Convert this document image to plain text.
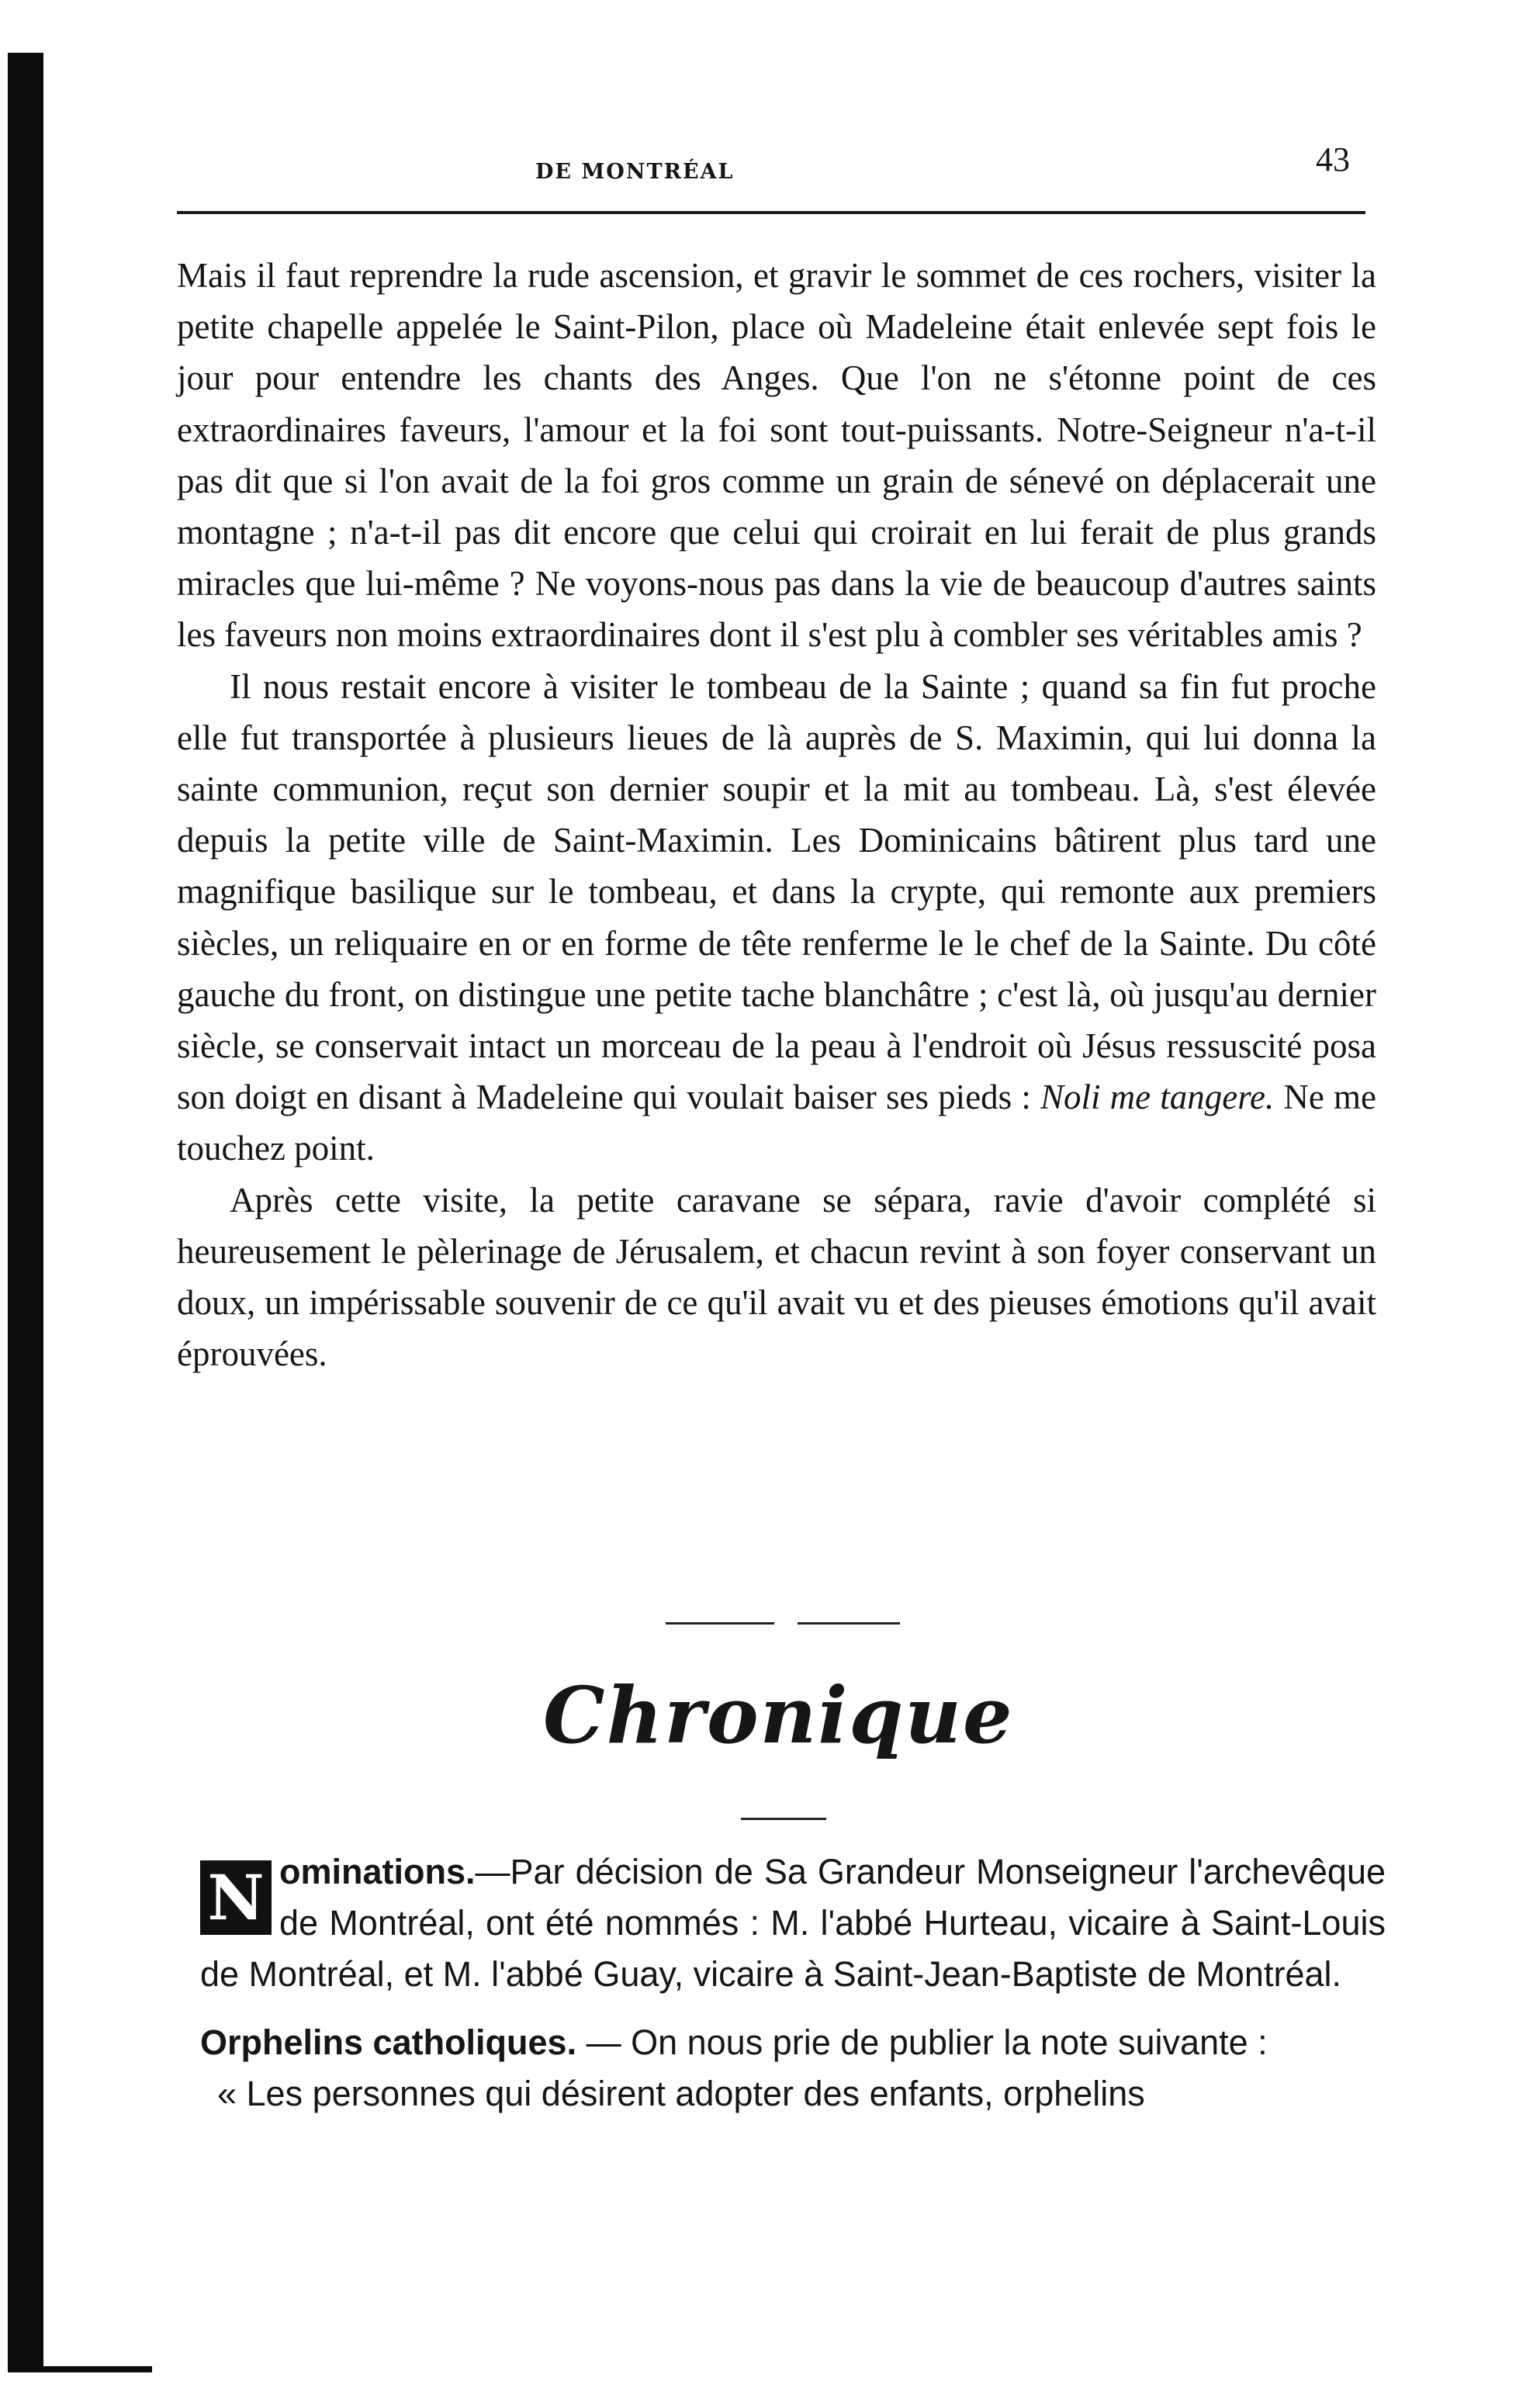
DE MONTRÉAL	43

Mais il faut reprendre la rude ascension, et gravir le sommet de ces rochers, visiter la petite chapelle appelée le Saint-Pilon, place où Madeleine était enlevée sept fois le jour pour entendre les chants des Anges. Que l'on ne s'étonne point de ces extraordinaires faveurs, l'amour et la foi sont tout-puissants. Notre-Seigneur n'a-t-il pas dit que si l'on avait de la foi gros comme un grain de sénevé on déplacerait une montagne ; n'a-t-il pas dit encore que celui qui croirait en lui ferait de plus grands miracles que lui-même ? Ne voyons-nous pas dans la vie de beaucoup d'autres saints les faveurs non moins extraordinaires dont il s'est plu à combler ses véritables amis ?

Il nous restait encore à visiter le tombeau de la Sainte ; quand sa fin fut proche elle fut transportée à plusieurs lieues de là auprès de S. Maximin, qui lui donna la sainte communion, reçut son dernier soupir et la mit au tombeau. Là, s'est élevée depuis la petite ville de Saint-Maximin. Les Dominicains bâtirent plus tard une magnifique basilique sur le tombeau, et dans la crypte, qui remonte aux premiers siècles, un reliquaire en or en forme de tête renferme le le chef de la Sainte. Du côté gauche du front, on distingue une petite tache blanchâtre ; c'est là, où jusqu'au dernier siècle, se conservait intact un morceau de la peau à l'endroit où Jésus ressuscité posa son doigt en disant à Madeleine qui voulait baiser ses pieds : Noli me tangere. Ne me touchez point.

Après cette visite, la petite caravane se sépara, ravie d'avoir complété si heureusement le pèlerinage de Jérusalem, et chacun revint à son foyer conservant un doux, un impérissable souvenir de ce qu'il avait vu et des pieuses émotions qu'il avait éprouvées.

Chronique

N ominations.—Par décision de Sa Grandeur Monseigneur l'archevêque de Montréal, ont été nommés : M. l'abbé Hurteau, vicaire à Saint-Louis de Montréal, et M. l'abbé Guay, vicaire à Saint-Jean-Baptiste de Montréal.

Orphelins catholiques. — On nous prie de publier la note suivante :

« Les personnes qui désirent adopter des enfants, orphelins
